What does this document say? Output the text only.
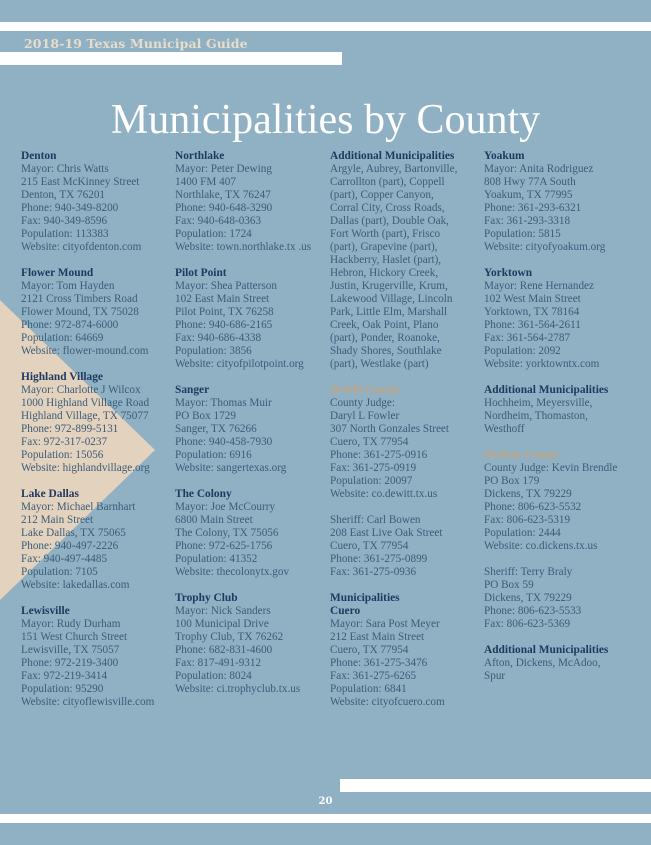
2018-19 Texas Municipal Guide
Municipalities by County
Denton
Mayor: Chris Watts
215 East McKinney Street
Denton, TX 76201
Phone: 940-349-8200
Fax: 940-349-8596
Population: 113383
Website: cityofdenton.com
Flower Mound
Mayor: Tom Hayden
2121 Cross Timbers Road
Flower Mound, TX 75028
Phone: 972-874-6000
Population: 64669
Website: flower-mound.com
Highland Village
Mayor: Charlotte J Wilcox
1000 Highland Village Road
Highland Village, TX 75077
Phone: 972-899-5131
Fax: 972-317-0237
Population: 15056
Website: highlandvillage.org
Lake Dallas
Mayor: Michael Barnhart
212 Main Street
Lake Dallas, TX 75065
Phone: 940-497-2226
Fax: 940-497-4485
Population: 7105
Website: lakedallas.com
Lewisville
Mayor: Rudy Durham
151 West Church Street
Lewisville, TX 75057
Phone: 972-219-3400
Fax: 972-219-3414
Population: 95290
Website: cityoflewisville.com
Northlake
Mayor: Peter Dewing
1400 FM 407
Northlake, TX 76247
Phone: 940-648-3290
Fax: 940-648-0363
Population: 1724
Website: town.northlake.tx .us
Pilot Point
Mayor: Shea Patterson
102 East Main Street
Pilot Point, TX 76258
Phone: 940-686-2165
Fax: 940-686-4338
Population: 3856
Website: cityofpilotpoint.org
Sanger
Mayor: Thomas Muir
PO Box 1729
Sanger, TX 76266
Phone: 940-458-7930
Population: 6916
Website: sangertexas.org
The Colony
Mayor: Joe McCourry
6800 Main Street
The Colony, TX 75056
Phone: 972-625-1756
Population: 41352
Website: thecolonytx.gov
Trophy Club
Mayor: Nick Sanders
100 Municipal Drive
Trophy Club, TX 76262
Phone: 682-831-4600
Fax: 817-491-9312
Population: 8024
Website: ci.trophyclub.tx.us
Additional Municipalities
Argyle, Aubrey, Bartonville,
Carrollton (part), Coppell
(part), Copper Canyon,
Corral City, Cross Roads,
Dallas (part), Double Oak,
Fort Worth (part), Frisco
(part), Grapevine (part),
Hackberry, Haslet (part),
Hebron, Hickory Creek,
Justin, Krugerville, Krum,
Lakewood Village, Lincoln
Park, Little Elm, Marshall
Creek, Oak Point, Plano
(part), Ponder, Roanoke,
Shady Shores, Southlake
(part), Westlake (part)
DeWitt County
County Judge:
Daryl L Fowler
307 North Gonzales Street
Cuero, TX 77954
Phone: 361-275-0916
Fax: 361-275-0919
Population: 20097
Website: co.dewitt.tx.us
Sheriff: Carl Bowen
208 East Live Oak Street
Cuero, TX 77954
Phone: 361-275-0899
Fax: 361-275-0936
Municipalities
Cuero
Mayor: Sara Post Meyer
212 East Main Street
Cuero, TX 77954
Phone: 361-275-3476
Fax: 361-275-6265
Population: 6841
Website: cityofcuero.com
Yoakum
Mayor: Anita Rodriguez
808 Hwy 77A South
Yoakum, TX 77995
Phone: 361-293-6321
Fax: 361-293-3318
Population: 5815
Website: cityofyoakum.org
Yorktown
Mayor: Rene Hernandez
102 West Main Street
Yorktown, TX 78164
Phone: 361-564-2611
Fax: 361-564-2787
Population: 2092
Website: yorktowntx.com
Additional Municipalities
Hochheim, Meyersville,
Nordheim, Thomaston,
Westhoff
Dickens County
County Judge: Kevin Brendle
PO Box 179
Dickens, TX 79229
Phone: 806-623-5532
Fax: 806-623-5319
Population: 2444
Website: co.dickens.tx.us
Sheriff: Terry Braly
PO Box 59
Dickens, TX 79229
Phone: 806-623-5533
Fax: 806-623-5369
Additional Municipalities
Afton, Dickens, McAdoo,
Spur
20
